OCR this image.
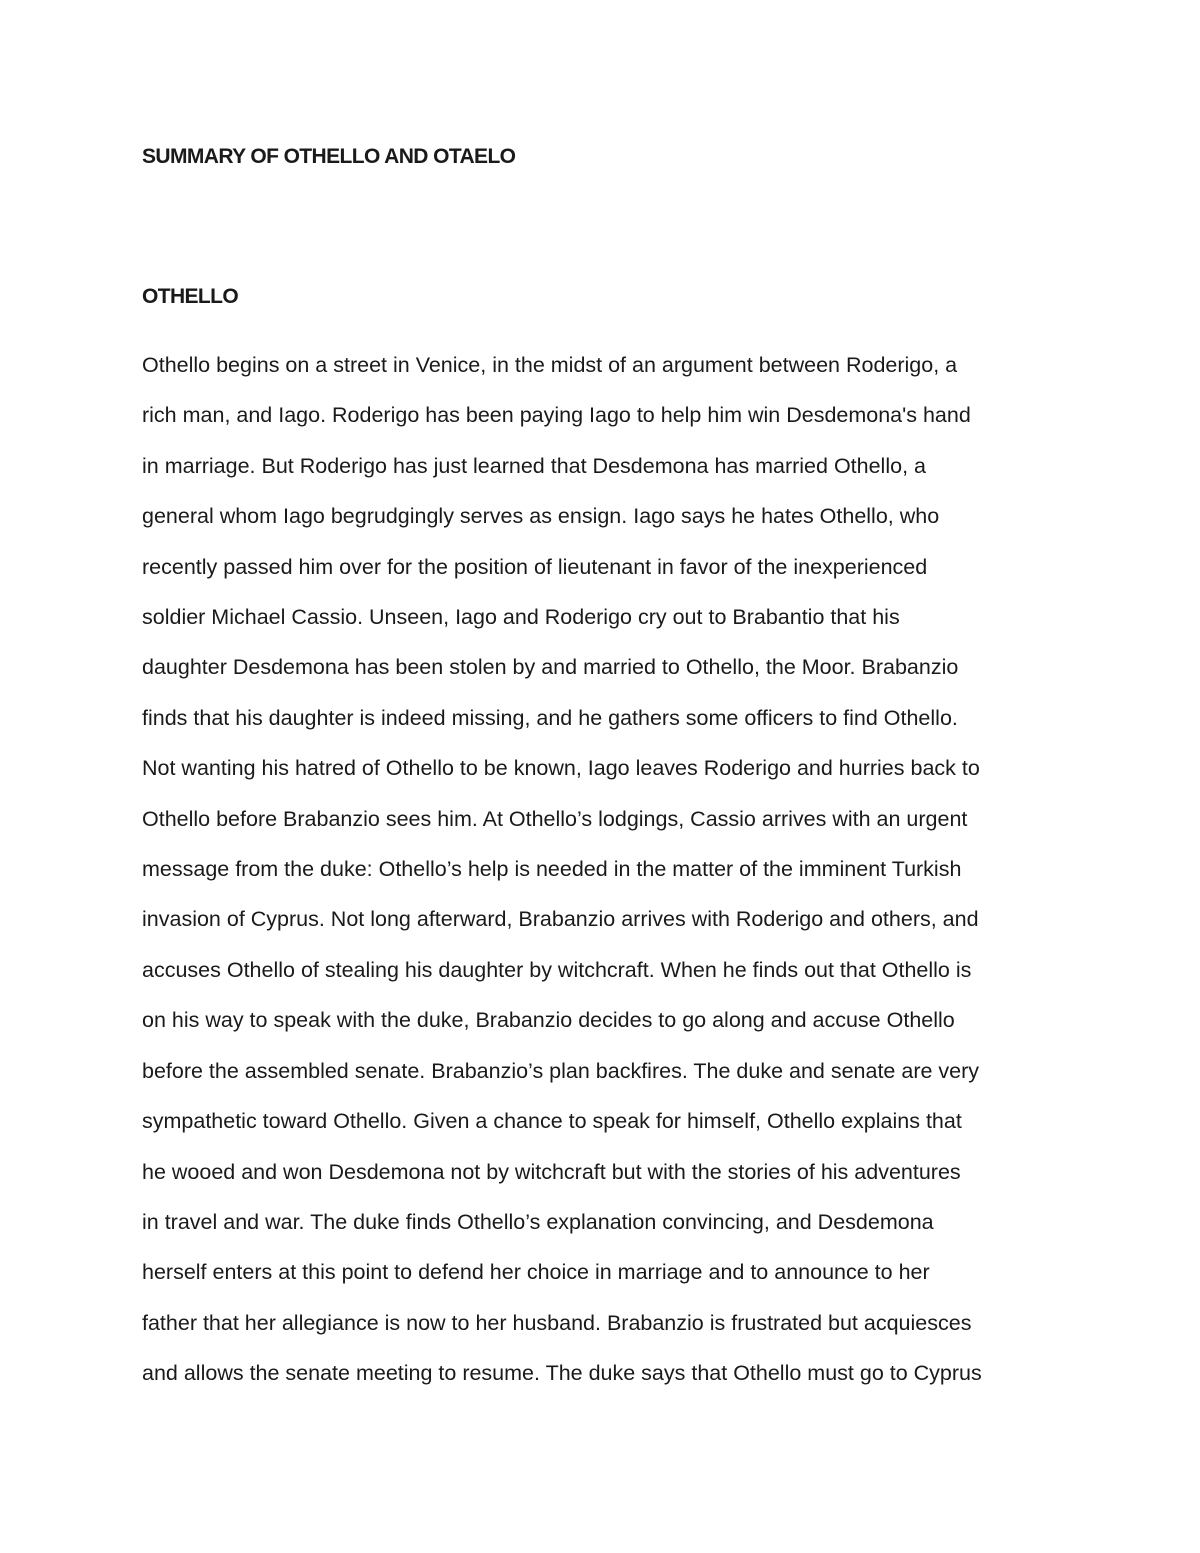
SUMMARY OF OTHELLO AND OTAELO
OTHELLO
Othello begins on a street in Venice, in the midst of an argument between Roderigo, a
rich man, and Iago. Roderigo has been paying Iago to help him win Desdemona's hand
in marriage. But Roderigo has just learned that Desdemona has married Othello, a
general whom Iago begrudgingly serves as ensign. Iago says he hates Othello, who
recently passed him over for the position of lieutenant in favor of the inexperienced
soldier Michael Cassio. Unseen, Iago and Roderigo cry out to Brabantio that his
daughter Desdemona has been stolen by and married to Othello, the Moor. Brabanzio
finds that his daughter is indeed missing, and he gathers some officers to find Othello.
Not wanting his hatred of Othello to be known, Iago leaves Roderigo and hurries back to
Othello before Brabanzio sees him. At Othello’s lodgings, Cassio arrives with an urgent
message from the duke: Othello’s help is needed in the matter of the imminent Turkish
invasion of Cyprus. Not long afterward, Brabanzio arrives with Roderigo and others, and
accuses Othello of stealing his daughter by witchcraft. When he finds out that Othello is
on his way to speak with the duke, Brabanzio decides to go along and accuse Othello
before the assembled senate. Brabanzio’s plan backfires. The duke and senate are very
sympathetic toward Othello. Given a chance to speak for himself, Othello explains that
he wooed and won Desdemona not by witchcraft but with the stories of his adventures
in travel and war. The duke finds Othello’s explanation convincing, and Desdemona
herself enters at this point to defend her choice in marriage and to announce to her
father that her allegiance is now to her husband. Brabanzio is frustrated but acquiesces
and allows the senate meeting to resume. The duke says that Othello must go to Cyprus
